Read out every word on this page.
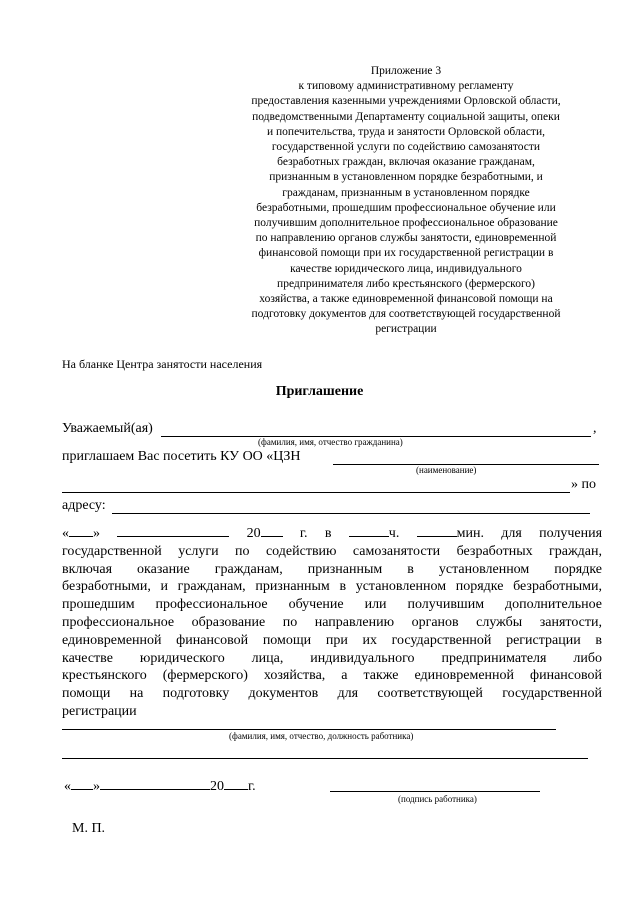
Приложение 3
к типовому административному регламенту
предоставления казенными учреждениями Орловской области,
подведомственными Департаменту социальной защиты, опеки
и попечительства, труда и занятости Орловской области,
государственной услуги по содействию самозанятости
безработных граждан, включая оказание гражданам,
признанным в установленном порядке безработными, и
гражданам, признанным в установленном порядке
безработными, прошедшим профессиональное обучение или
получившим дополнительное профессиональное образование
по направлению органов службы занятости, единовременной
финансовой помощи при их государственной регистрации в
качестве юридического лица, индивидуального
предпринимателя либо крестьянского (фермерского)
хозяйства, а также единовременной финансовой помощи на
подготовку документов для соответствующей государственной
регистрации
На бланке Центра занятости населения
Приглашение
Уважаемый(ая)	,
(фамилия, имя, отчество гражданина)
приглашаем Вас посетить КУ ОО «ЦЗН
(наименование)
» по
адресу:
« »	20	г. в	ч.	мин. для получения
государственной услуги по содействию самозанятости безработных граждан,
включая оказание гражданам, признанным в установленном порядке
безработными, и гражданам, признанным в установленном порядке безработными,
прошедшим профессиональное обучение или получившим дополнительное
профессиональное образование по направлению органов службы занятости,
единовременной финансовой помощи при их государственной регистрации в
качестве юридического лица, индивидуального предпринимателя либо
крестьянского (фермерского) хозяйства, а также единовременной финансовой
помощи на подготовку документов для соответствующей государственной
регистрации
(фамилия, имя, отчество, должность работника)
« »	20 г.
(подпись работника)
М. П.
